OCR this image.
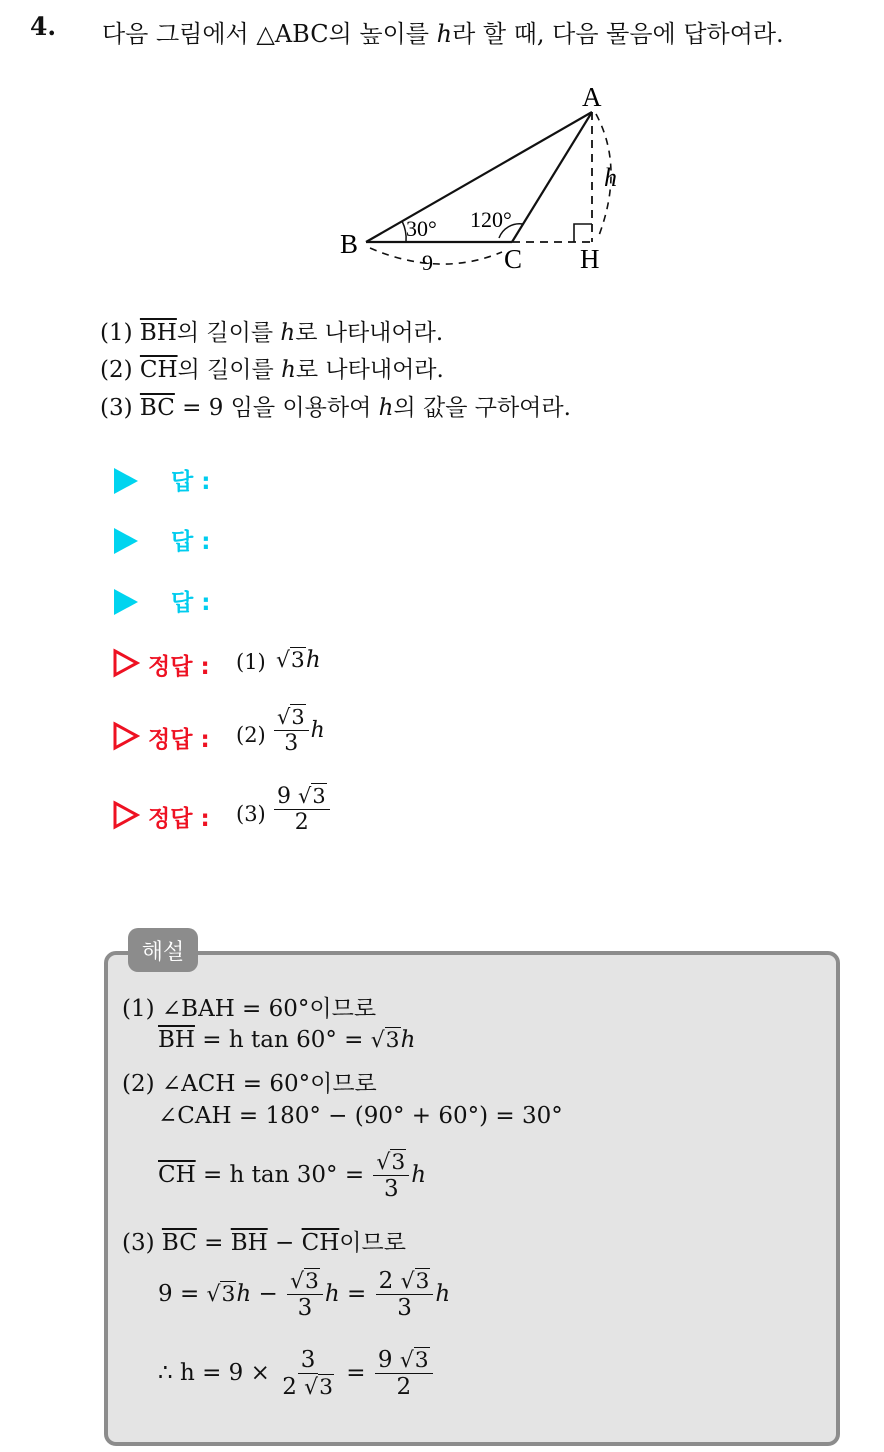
4. 다음 그림에서 △ABC의 높이를 h라 할 때, 다음 물음에 답하여라.
A
B	C H
30° 120°
9
h
(1) $\overline{BH}$의 길이를 h로 나타내어라.
(2) $\overline{CH}$의 길이를 h로 나타내어라.
(3) $\overline{BC} = 9$ 임을 이용하여 h의 값을 구하여라.
답 :
답 :
답 :
정답 : (1) √3h
정답 : $(2) \frac{√3}{3}$ h
정답 : $(3) \frac{9 √3}{2}$
해설
(1) ∠BAH = 60°이므로
$\overline{BH} = h$ tan 60° = √3h
(2) ∠ACH = 60°이므로
∠CAH = 180° − (90° + 60°) = 30°
$\overline{CH} = h$ $\tan 30^\circ = \frac{√3}{3}$ h
(3) $\overline{BC} = \overline{BH} - \overline{CH}$이므로
$9 = √3h - \frac{√3}{3}$ $h = \frac{2 √3}{3}$ h
∴ $h = 9 \times \frac{3}{2 √3} = \frac{9 √3}{2}$
